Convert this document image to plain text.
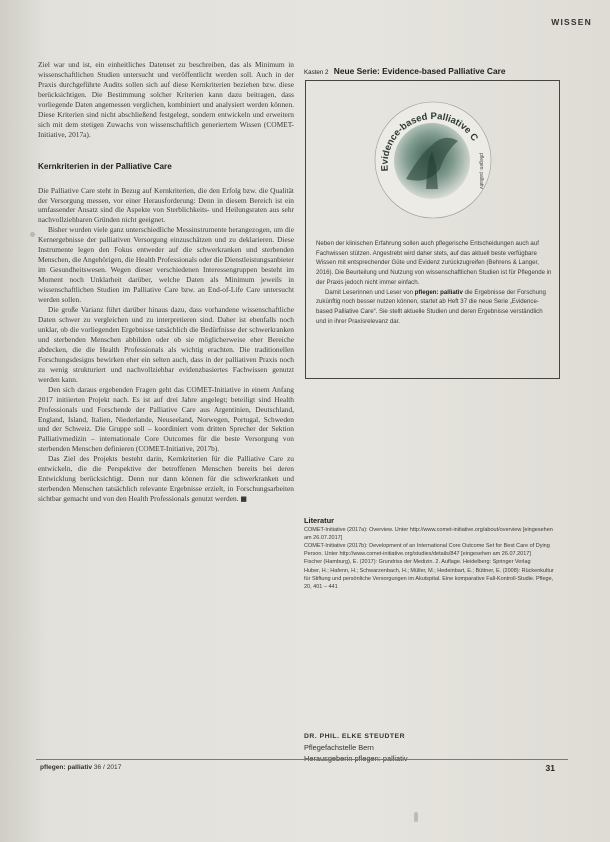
WISSEN

Ziel war und ist, ein einheitliches Datenset zu beschreiben, das als Minimum in wissenschaftlichen Studien untersucht und veröffentlicht werden soll. Auch in der Praxis durchgeführte Audits sollen sich auf diese Kernkriterien beziehen bzw. diese berücksichtigen. Die Bestimmung solcher Kriterien kann dazu beitragen, dass vorliegende Daten angemessen verglichen, kombiniert und analysiert werden können. Diese Kriterien sind nicht abschließend festgelegt, sondern entwickeln und erweitern sich mit dem stetigen Zuwachs von wissenschaftlich generiertem Wissen (COMET-Initiative, 2017a).

Kernkriterien in der Palliative Care

Die Palliative Care steht in Bezug auf Kernkriterien, die den Erfolg bzw. die Qualität der Versorgung messen, vor einer Herausforderung: Denn in diesem Bereich ist ein umfassender Ansatz sind die Aspekte von Sterblichkeits- und Heilungsraten aus sehr nachvollziehbaren Gründen nicht geeignet.

Bisher wurden viele ganz unterschiedliche Messinstrumente herangezogen, um die Kernergebnisse der palliativen Versorgung einzuschätzen und zu deklarieren. Diese Instrumente legen den Fokus entweder auf die schwerkranken und sterbenden Menschen, die Angehörigen, die Health Professionals oder die Dienstleistungsanbieter im Gesundheitswesen. Wegen dieser verschiedenen Interessengruppen besteht im Moment noch Unklarheit darüber, welche Daten als Minimum jeweils in wissenschaftlichen Studien im Palliative Care bzw. an End-of-Life Care untersucht werden sollen.

Die große Varianz führt darüber hinaus dazu, dass vorhandene wissenschaftliche Daten schwer zu vergleichen und zu interpretieren sind. Daher ist ebenfalls noch unklar, ob die vorliegenden Ergebnisse tatsächlich die Bedürfnisse der schwerkranken und sterbenden Menschen abbilden oder ob sie möglicherweise eher Bereiche abdecken, die die Health Professionals als wichtig erachten. Die traditionellen Forschungsdesigns bewirken eher ein selten auch, dass in der palliativen Praxis noch zu wenig strukturiert und nachvollziehbar evidenzbasiertes Fachwissen genutzt werden kann.

Den sich daraus ergebenden Fragen geht das COMET-Initiative in einem Anfang 2017 initiierten Projekt nach. Es ist auf drei Jahre angelegt; beteiligt sind Health Professionals und Forschende der Palliative Care aus Argentinien, Deutschland, England, Island, Italien, Niederlande, Neuseeland, Norwegen, Portugal, Schweden und der Schweiz. Die Gruppe soll – koordiniert vom dritten Sprecher der Sektion Palliativmedizin – internationale Core Outcomes für die beste Versorgung von sterbenden Menschen definieren (COMET-Initiative, 2017b).

Das Ziel des Projekts besteht darin, Kernkriterien für die Palliative Care zu entwickeln, die die Perspektive der betroffenen Menschen bereits bei deren Entwicklung berücksichtigt. Denn nur dann können für die schwerkranken und sterbenden Menschen tatsächlich relevante Ergebnisse erzielt, in Forschungsarbeiten sichtbar gemacht und von den Health Professionals genutzt werden. ■

Kasten 2 Neue Serie: Evidence-based Palliative Care
Evidence-based Palliative C
pflegen: palliativ

Neben der klinischen Erfahrung sollen auch pflegerische Entscheidungen auch auf Fachwissen stützen. Angestrebt wird daher stets, auf das aktuell beste verfügbare Wissen mit entsprechender Güte und Evidenz zurückzugreifen (Behrens & Langer, 2016). Die Beurteilung und Nutzung von wissenschaftlichen Studien ist für Pflegende in der Praxis jedoch nicht immer einfach.

Damit Leserinnen und Leser von pflegen: palliativ die Ergebnisse der Forschung zukünftig noch besser nutzen können, startet ab Heft 37 die neue Serie „Evidence-based Palliative Care“. Sie stellt aktuelle Studien und deren Ergebnisse verständlich und in ihrer Praxisrelevanz dar.

Literatur

COMET-Initiative (2017a): Overview. Unter http://www.comet-initiative.org/about/overview [eingesehen am 26.07.2017]

COMET-Initiative (2017b): Development of an International Core Outcome Set for Best Care of Dying Person. Unter http://www.comet-initiative.org/studies/details/847 [eingesehen am 26.07.2017]

Fischer (Hamburg), E. (2017): Grundriss der Medizin. 2. Auflage. Heidelberg: Springer Verlag

Huber, H.; Hafenn, H.; Schwarzenbach, H.; Müller, M.; Hedeinbart, E.; Büttner, E. (2008): Rückenkultur für Stiftung und persönliche Versorgungen im Akutspital. Eine komparative Fall-Kontroll-Studie. Pflege, 20, 401 – 441

DR. PHIL. ELKE STEUDTER
Pflegefachstelle Bern
pflegen: palliativ 36 / 2017	31
